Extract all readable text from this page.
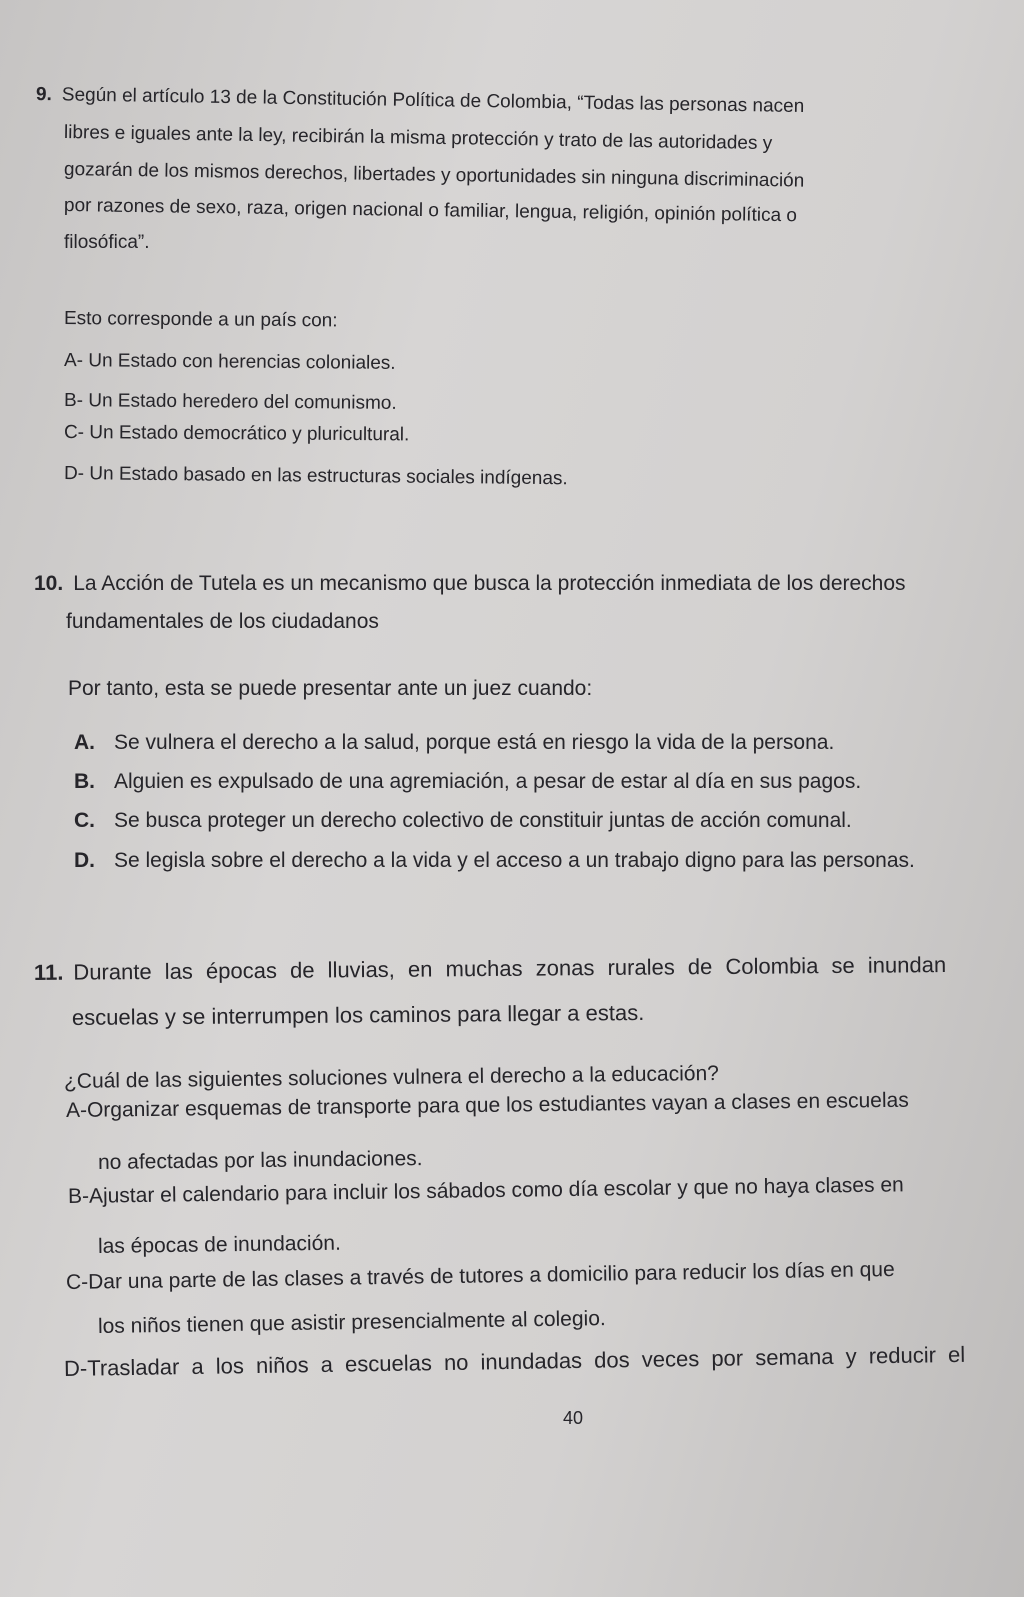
9. Según el artículo 13 de la Constitución Política de Colombia, “Todas las personas nacen
libres e iguales ante la ley, recibirán la misma protección y trato de las autoridades y
gozarán de los mismos derechos, libertades y oportunidades sin ninguna discriminación
por razones de sexo, raza, origen nacional o familiar, lengua, religión, opinión política o
filosófica”.
Esto corresponde a un país con:
A- Un Estado con herencias coloniales.
B- Un Estado heredero del comunismo.
C- Un Estado democrático y pluricultural.
D- Un Estado basado en las estructuras sociales indígenas.
10. La Acción de Tutela es un mecanismo que busca la protección inmediata de los derechos
fundamentales de los ciudadanos
Por tanto, esta se puede presentar ante un juez cuando:
A. Se vulnera el derecho a la salud, porque está en riesgo la vida de la persona.
B. Alguien es expulsado de una agremiación, a pesar de estar al día en sus pagos.
C. Se busca proteger un derecho colectivo de constituir juntas de acción comunal.
D. Se legisla sobre el derecho a la vida y el acceso a un trabajo digno para las personas.
11. Durante las épocas de lluvias, en muchas zonas rurales de Colombia se inundan
escuelas y se interrumpen los caminos para llegar a estas.
¿Cuál de las siguientes soluciones vulnera el derecho a la educación?
A-Organizar esquemas de transporte para que los estudiantes vayan a clases en escuelas
no afectadas por las inundaciones.
B-Ajustar el calendario para incluir los sábados como día escolar y que no haya clases en
las épocas de inundación.
C-Dar una parte de las clases a través de tutores a domicilio para reducir los días en que
los niños tienen que asistir presencialmente al colegio.
D-Trasladar a los niños a escuelas no inundadas dos veces por semana y reducir el
40
